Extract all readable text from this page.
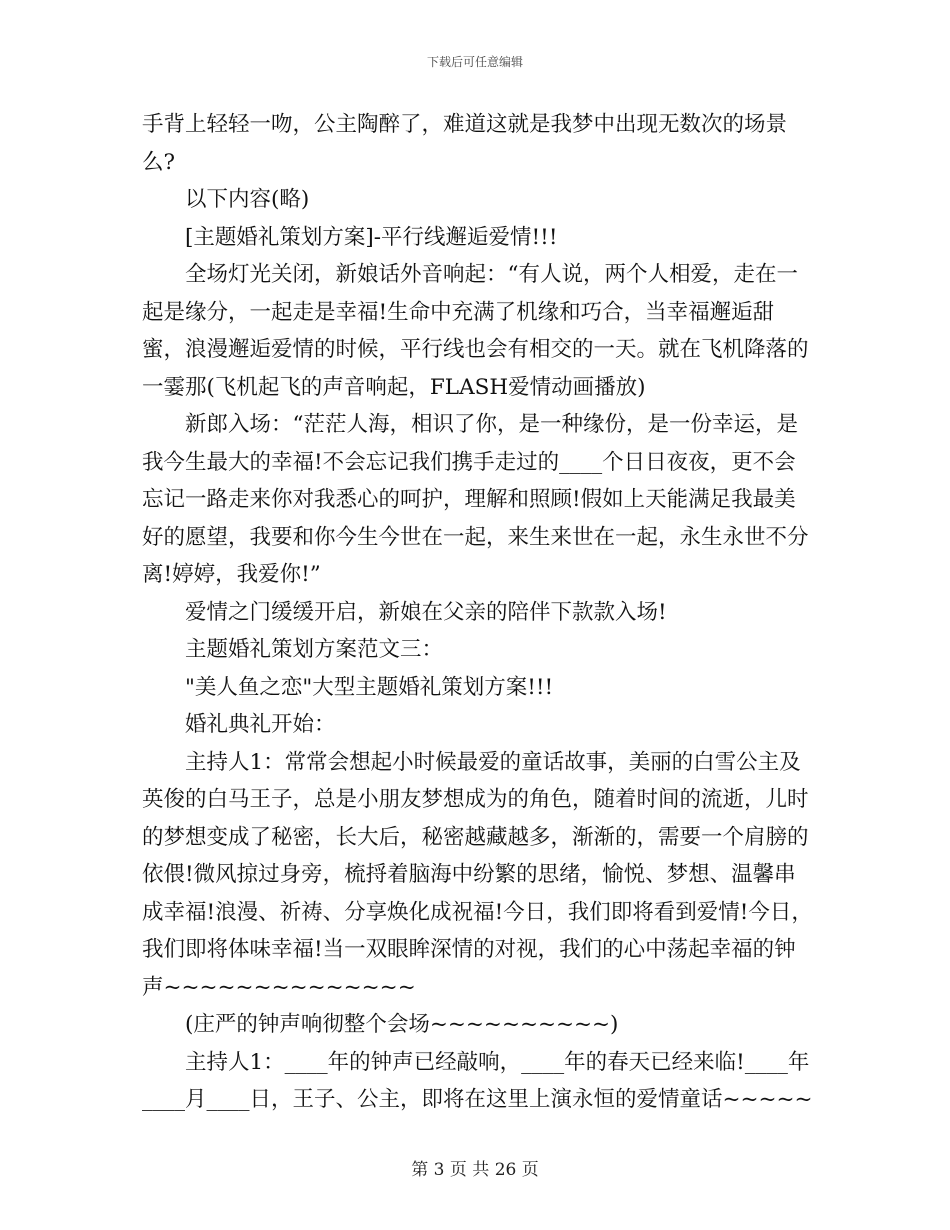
下载后可任意编辑

手背上轻轻一吻，公主陶醉了，难道这就是我梦中出现无数次的场景么?

以下内容(略)

[主题婚礼策划方案]-平行线邂逅爱情!!!

全场灯光关闭，新娘话外音响起：“有人说，两个人相爱，走在一起是缘分，一起走是幸福!生命中充满了机缘和巧合，当幸福邂逅甜蜜，浪漫邂逅爱情的时候，平行线也会有相交的一天。就在飞机降落的一霎那(飞机起飞的声音响起，FLASH爱情动画播放)

新郎入场：“茫茫人海，相识了你，是一种缘份，是一份幸运，是我今生最大的幸福!不会忘记我们携手走过的____个日日夜夜，更不会忘记一路走来你对我悉心的呵护，理解和照顾!假如上天能满足我最美好的愿望，我要和你今生今世在一起，来生来世在一起，永生永世不分离!婷婷，我爱你!”

爱情之门缓缓开启，新娘在父亲的陪伴下款款入场!

主题婚礼策划方案范文三：

"美人鱼之恋"大型主题婚礼策划方案!!!

婚礼典礼开始：

主持人1：常常会想起小时候最爱的童话故事，美丽的白雪公主及英俊的白马王子，总是小朋友梦想成为的角色，随着时间的流逝，儿时的梦想变成了秘密，长大后，秘密越藏越多，渐渐的，需要一个肩膀的依偎!微风掠过身旁，梳捋着脑海中纷繁的思绪，愉悦、梦想、温馨串成幸福!浪漫、祈祷、分享焕化成祝福!今日，我们即将看到爱情!今日，我们即将体味幸福!当一双眼眸深情的对视，我们的心中荡起幸福的钟声~~~~~~~~~~~~~~

(庄严的钟声响彻整个会场~~~~~~~~~~)

主持人1：____年的钟声已经敲响，____年的春天已经来临!____年____月____日，王子、公主，即将在这里上演永恒的爱情童话~~~~~

第 3 页 共 26 页
